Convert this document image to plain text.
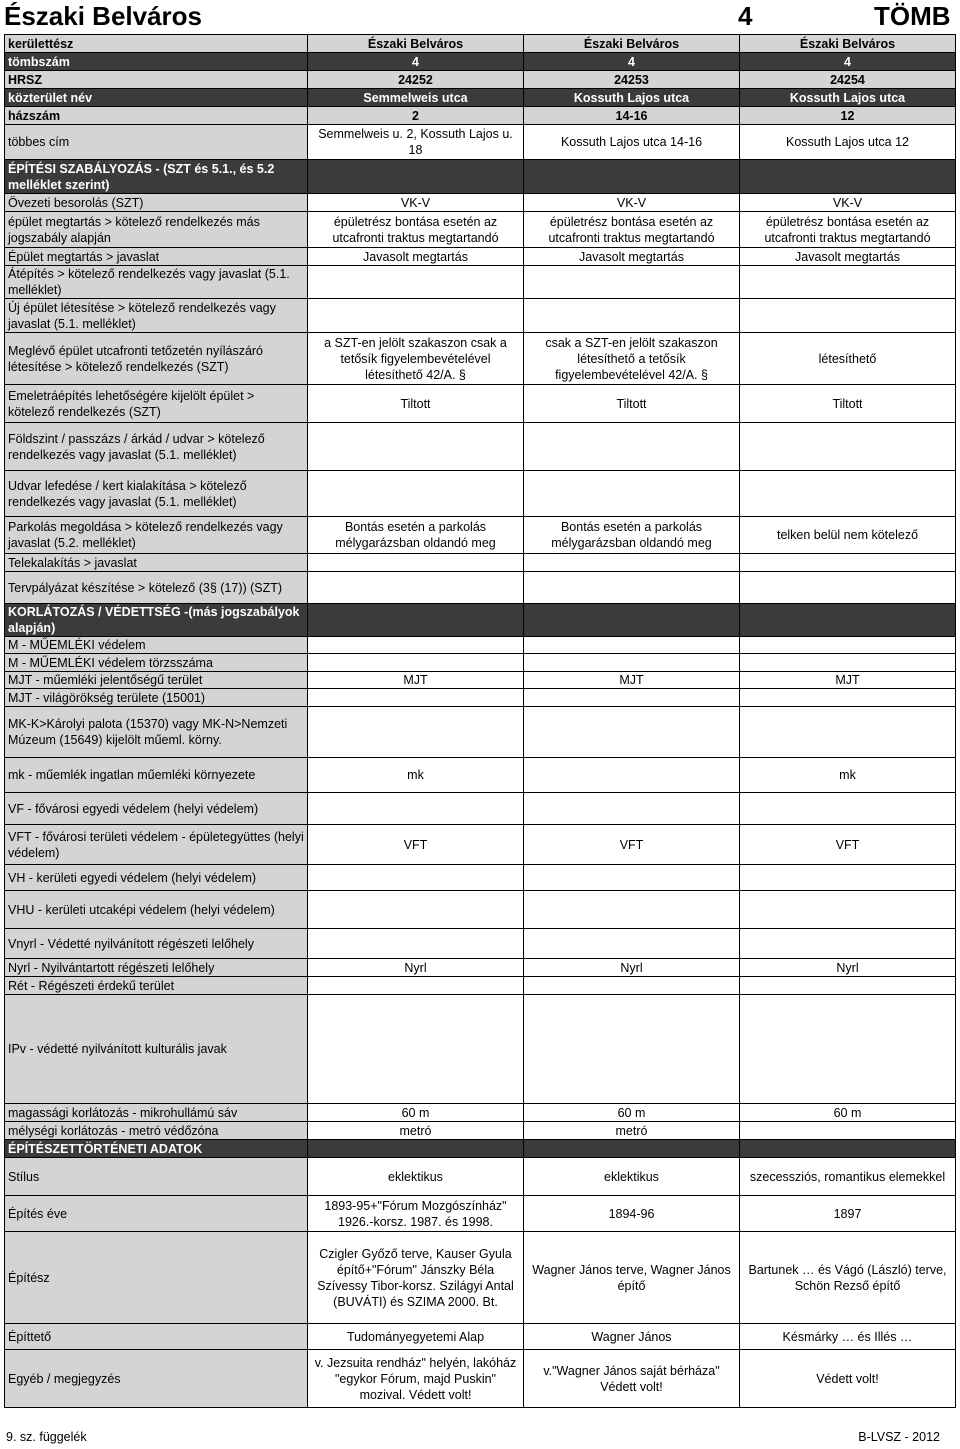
Északi Belváros	4	TÖMB
kerülettész	Északi Belváros	Északi Belváros	Északi Belváros
tömbszám	4	4	4
HRSZ	24252	24253	24254
közterület név	Semmelweis utca	Kossuth Lajos utca	Kossuth Lajos utca
házszám	2	14-16	12
többes cím	Semmelweis u. 2, Kossuth Lajos u. 18	Kossuth Lajos utca 14-16	Kossuth Lajos utca 12
ÉPÍTÉSI SZABÁLYOZÁS - (SZT és 5.1., és 5.2 melléklet szerint)			
Övezeti besorolás (SZT)	VK-V	VK-V	VK-V
épület megtartás > kötelező rendelkezés más jogszabály alapján	épületrész bontása esetén az utcafronti traktus megtartandó	épületrész bontása esetén az utcafronti traktus megtartandó	épületrész bontása esetén az utcafronti traktus megtartandó
Épület megtartás > javaslat	Javasolt megtartás	Javasolt megtartás	Javasolt megtartás
Átépítés > kötelező rendelkezés vagy javaslat (5.1. melléklet)			
Új épület létesítése > kötelező rendelkezés vagy javaslat (5.1. melléklet)			
Meglévő épület utcafronti tetőzetén nyílászáró létesítése > kötelező rendelkezés (SZT)	a SZT-en jelölt szakaszon csak a tetősík figyelembevételével létesíthető 42/A. §	csak a SZT-en jelölt szakaszon létesíthető a tetősík figyelembevételével 42/A. §	létesíthető
Emeletráépítés lehetőségére kijelölt épület > kötelező rendelkezés (SZT)	Tiltott	Tiltott	Tiltott
Földszint / passzázs / árkád / udvar > kötelező rendelkezés vagy javaslat (5.1. melléklet)			
Udvar lefedése / kert kialakítása > kötelező rendelkezés vagy javaslat (5.1. melléklet)			
Parkolás megoldása > kötelező rendelkezés vagy javaslat (5.2. melléklet)	Bontás esetén a parkolás mélygarázsban oldandó meg	Bontás esetén a parkolás mélygarázsban oldandó meg	telken belül nem kötelező
Telekalakítás > javaslat			
Tervpályázat készítése > kötelező (3§ (17)) (SZT)			
KORLÁTOZÁS / VÉDETTSÉG -(más jogszabályok alapján)			
M - MŰEMLÉKI védelem			
M - MŰEMLÉKI védelem törzsszáma			
MJT - műemléki jelentőségű terület	MJT	MJT	MJT
MJT - világörökség területe (15001)			
MK-K>Károlyi palota (15370) vagy MK-N>Nemzeti Múzeum (15649) kijelölt műeml. körny.			
mk - műemlék ingatlan műemléki környezete	mk		mk
VF - fővárosi egyedi védelem (helyi védelem)			
VFT - fővárosi területi védelem - épületegyüttes (helyi védelem)	VFT	VFT	VFT
VH - kerületi egyedi védelem (helyi védelem)			
VHU - kerületi utcaképi védelem (helyi védelem)			
Vnyrl - Védetté nyilvánított régészeti lelőhely			
Nyrl - Nyilvántartott régészeti lelőhely	Nyrl	Nyrl	Nyrl
Rét - Régészeti érdekű terület			
IPv - védetté nyilvánított kulturális javak			
magassági korlátozás - mikrohullámú sáv	60 m	60 m	60 m
mélységi korlátozás - metró védőzóna	metró	metró	
ÉPÍTÉSZETTÖRTÉNETI ADATOK			
Stílus	eklektikus	eklektikus	szecessziós, romantikus elemekkel
Építés éve	1893-95+"Fórum Mozgószínház" 1926.-korsz. 1987. és 1998.	1894-96	1897
Építész	Czigler Győző terve, Kauser Gyula építő+"Fórum" Jánszky Béla Szívessy Tibor-korsz. Szilágyi Antal (BUVÁTI) és SZIMA 2000. Bt.	Wagner János terve, Wagner János építő	Bartunek … és Vágó (László) terve, Schön Rezső építő
Építtető	Tudományegyetemi Alap	Wagner János	Késmárky … és Illés …
Egyéb / megjegyzés	v. Jezsuita rendház" helyén, lakóház "egykor Fórum, majd Puskin" mozival. Védett volt!	v."Wagner János saját bérháza" Védett volt!	Védett volt!
9. sz. függelék	B-LVSZ - 2012
